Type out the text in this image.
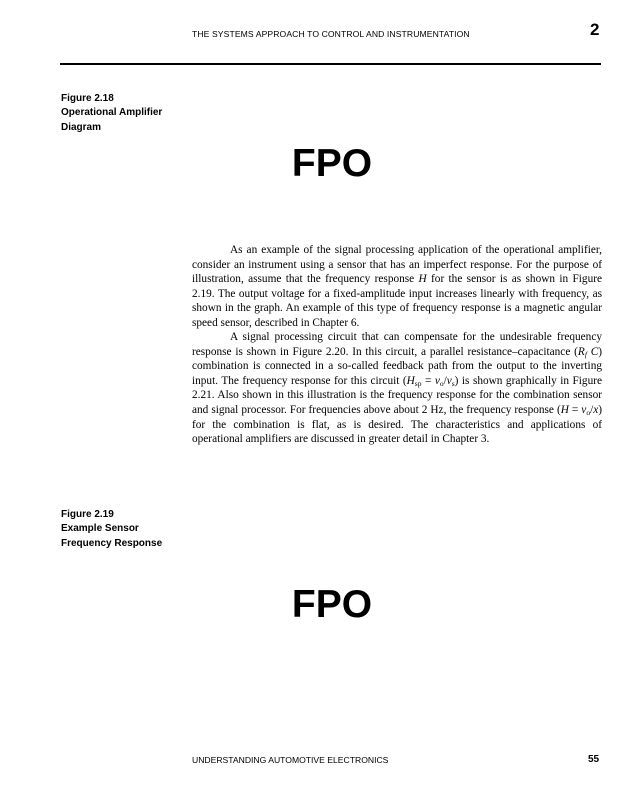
THE SYSTEMS APPROACH TO CONTROL AND INSTRUMENTATION	2
Figure 2.18
Operational Amplifier
Diagram
FPO

As an example of the signal processing application of the operational amplifier, consider an instrument using a sensor that has an imperfect response. For the purpose of illustration, assume that the frequency response H for the sensor is as shown in Figure 2.19. The output voltage for a fixed-amplitude input increases linearly with frequency, as shown in the graph. An example of this type of frequency response is a magnetic angular speed sensor, described in Chapter 6.

A signal processing circuit that can compensate for the undesirable frequency response is shown in Figure 2.20. In this circuit, a parallel resistance–capacitance ($R_f$ C) combination is connected in a so-called feedback path from the output to the inverting input. The frequency response for this circuit $(H_{sp} = v_o/v_s)$ is shown graphically in Figure 2.21. Also shown in this illustration is the frequency response for the combination sensor and signal processor. For frequencies above about 2 Hz, the frequency response $(H = v_o/x)$ for the combination is flat, as is desired. The characteristics and applications of operational amplifiers are discussed in greater detail in Chapter 3.

Figure 2.19
Example Sensor
Frequency Response
FPO
UNDERSTANDING AUTOMOTIVE ELECTRONICS	55
